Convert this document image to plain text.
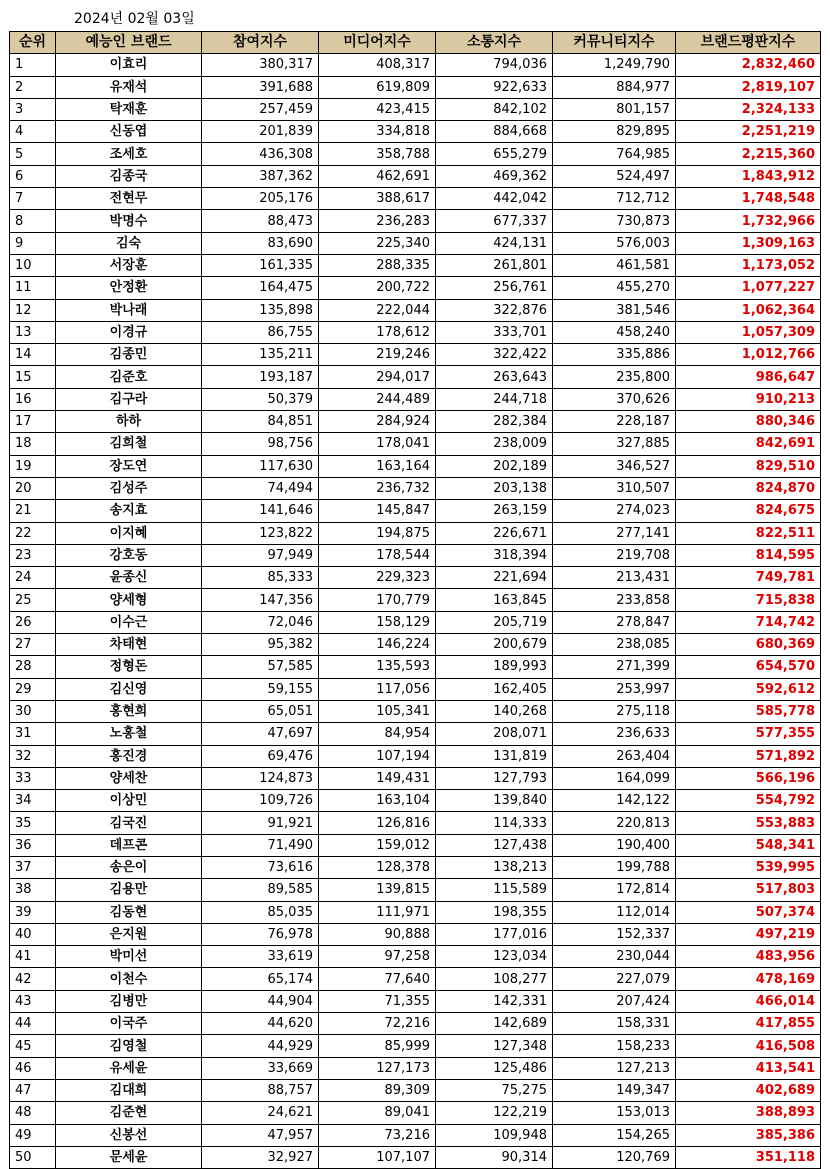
2024년 02월 03일
순위	예능인 브랜드	참여지수	미디어지수	소통지수	커뮤니티지수	브랜드평판지수
1	이효리	380,317	408,317	794,036	1,249,790	2,832,460
2	유재석	391,688	619,809	922,633	884,977	2,819,107
3	탁재훈	257,459	423,415	842,102	801,157	2,324,133
4	신동엽	201,839	334,818	884,668	829,895	2,251,219
5	조세호	436,308	358,788	655,279	764,985	2,215,360
6	김종국	387,362	462,691	469,362	524,497	1,843,912
7	전현무	205,176	388,617	442,042	712,712	1,748,548
8	박명수	88,473	236,283	677,337	730,873	1,732,966
9	김숙	83,690	225,340	424,131	576,003	1,309,163
10	서장훈	161,335	288,335	261,801	461,581	1,173,052
11	안정환	164,475	200,722	256,761	455,270	1,077,227
12	박나래	135,898	222,044	322,876	381,546	1,062,364
13	이경규	86,755	178,612	333,701	458,240	1,057,309
14	김종민	135,211	219,246	322,422	335,886	1,012,766
15	김준호	193,187	294,017	263,643	235,800	986,647
16	김구라	50,379	244,489	244,718	370,626	910,213
17	하하	84,851	284,924	282,384	228,187	880,346
18	김희철	98,756	178,041	238,009	327,885	842,691
19	장도연	117,630	163,164	202,189	346,527	829,510
20	김성주	74,494	236,732	203,138	310,507	824,870
21	송지효	141,646	145,847	263,159	274,023	824,675
22	이지혜	123,822	194,875	226,671	277,141	822,511
23	강호동	97,949	178,544	318,394	219,708	814,595
24	윤종신	85,333	229,323	221,694	213,431	749,781
25	양세형	147,356	170,779	163,845	233,858	715,838
26	이수근	72,046	158,129	205,719	278,847	714,742
27	차태현	95,382	146,224	200,679	238,085	680,369
28	정형돈	57,585	135,593	189,993	271,399	654,570
29	김신영	59,155	117,056	162,405	253,997	592,612
30	홍현희	65,051	105,341	140,268	275,118	585,778
31	노홍철	47,697	84,954	208,071	236,633	577,355
32	홍진경	69,476	107,194	131,819	263,404	571,892
33	양세찬	124,873	149,431	127,793	164,099	566,196
34	이상민	109,726	163,104	139,840	142,122	554,792
35	김국진	91,921	126,816	114,333	220,813	553,883
36	데프콘	71,490	159,012	127,438	190,400	548,341
37	송은이	73,616	128,378	138,213	199,788	539,995
38	김용만	89,585	139,815	115,589	172,814	517,803
39	김동현	85,035	111,971	198,355	112,014	507,374
40	은지원	76,978	90,888	177,016	152,337	497,219
41	박미선	33,619	97,258	123,034	230,044	483,956
42	이천수	65,174	77,640	108,277	227,079	478,169
43	김병만	44,904	71,355	142,331	207,424	466,014
44	이국주	44,620	72,216	142,689	158,331	417,855
45	김영철	44,929	85,999	127,348	158,233	416,508
46	유세윤	33,669	127,173	125,486	127,213	413,541
47	김대희	88,757	89,309	75,275	149,347	402,689
48	김준현	24,621	89,041	122,219	153,013	388,893
49	신봉선	47,957	73,216	109,948	154,265	385,386
50	문세윤	32,927	107,107	90,314	120,769	351,118
